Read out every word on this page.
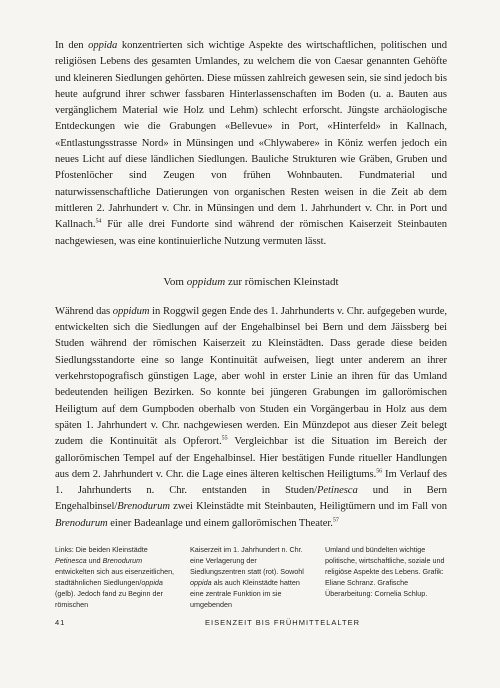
In den oppida konzentrierten sich wichtige Aspekte des wirtschaftlichen, politischen und religiösen Lebens des gesamten Umlandes, zu welchem die von Caesar genannten Gehöfte und kleineren Siedlungen gehörten. Diese müssen zahlreich gewesen sein, sie sind jedoch bis heute aufgrund ihrer schwer fassbaren Hinterlassenschaften im Boden (u. a. Bauten aus vergänglichem Material wie Holz und Lehm) schlecht erforscht. Jüngste archäologische Entdeckungen wie die Grabungen «Bellevue» in Port, «Hinterfeld» in Kallnach, «Entlastungsstrasse Nord» in Münsingen und «Chlywabere» in Köniz werfen jedoch ein neues Licht auf diese ländlichen Siedlungen. Bauliche Strukturen wie Gräben, Gruben und Pfostenlöcher sind Zeugen von frühen Wohnbauten. Fundmaterial und naturwissenschaftliche Datierungen von organischen Resten weisen in die Zeit ab dem mittleren 2. Jahrhundert v. Chr. in Münsingen und dem 1. Jahrhundert v. Chr. in Port und Kallnach.$^{54}$ Für alle drei Fundorte sind während der römischen Kaiserzeit Steinbauten nachgewiesen, was eine kontinuierliche Nutzung vermuten lässt.

Vom oppidum zur römischen Kleinstadt

Während das oppidum in Roggwil gegen Ende des 1. Jahrhunderts v. Chr. aufgegeben wurde, entwickelten sich die Siedlungen auf der Engehalbinsel bei Bern und dem Jäissberg bei Studen während der römischen Kaiserzeit zu Kleinstädten. Dass gerade diese beiden Siedlungsstandorte eine so lange Kontinuität aufweisen, liegt unter anderem an ihrer verkehrstopografisch günstigen Lage, aber wohl in erster Linie an ihren für das Umland bedeutenden heiligen Bezirken. So konnte bei jüngeren Grabungen im gallorömischen Heiligtum auf dem Gumpboden oberhalb von Studen ein Vorgängerbau in Holz aus dem späten 1. Jahrhundert v. Chr. nachgewiesen werden. Ein Münzdepot aus dieser Zeit belegt zudem die Kontinuität als Opferort.$^{55}$ Vergleichbar ist die Situation im Bereich der gallorömischen Tempel auf der Engehalbinsel. Hier bestätigen Funde ritueller Handlungen aus dem 2. Jahrhundert v. Chr. die Lage eines älteren keltischen Heiligtums.$^{56}$ Im Verlauf des 1. Jahrhunderts n. Chr. entstanden in Studen/Petinesca und in Bern Engehalbinsel/Brenodurum zwei Kleinstädte mit Steinbauten, Heiligtümern und im Fall von Brenodurum einer Badeanlage und einem gallorömischen Theater.$^{57}$

Links: Die beiden Kleinstädte Petinesca und Brenodurum entwickelten sich aus eisenzeitlichen, stadtähnlichen Siedlungen/oppida (gelb). Jedoch fand zu Beginn der römischen
Kaiserzeit im 1. Jahrhundert n. Chr. eine Verlagerung der Siedlungszentren statt (rot). Sowohl oppida als auch Kleinstädte hatten eine zentrale Funktion im sie umgebenden
Umland und bündelten wichtige politische, wirtschaftliche, soziale und religiöse Aspekte des Lebens. Grafik: Eliane Schranz. Grafische Überarbeitung: Cornelia Schlup.
41	EISENZEIT BIS FRÜHMITTELALTER
